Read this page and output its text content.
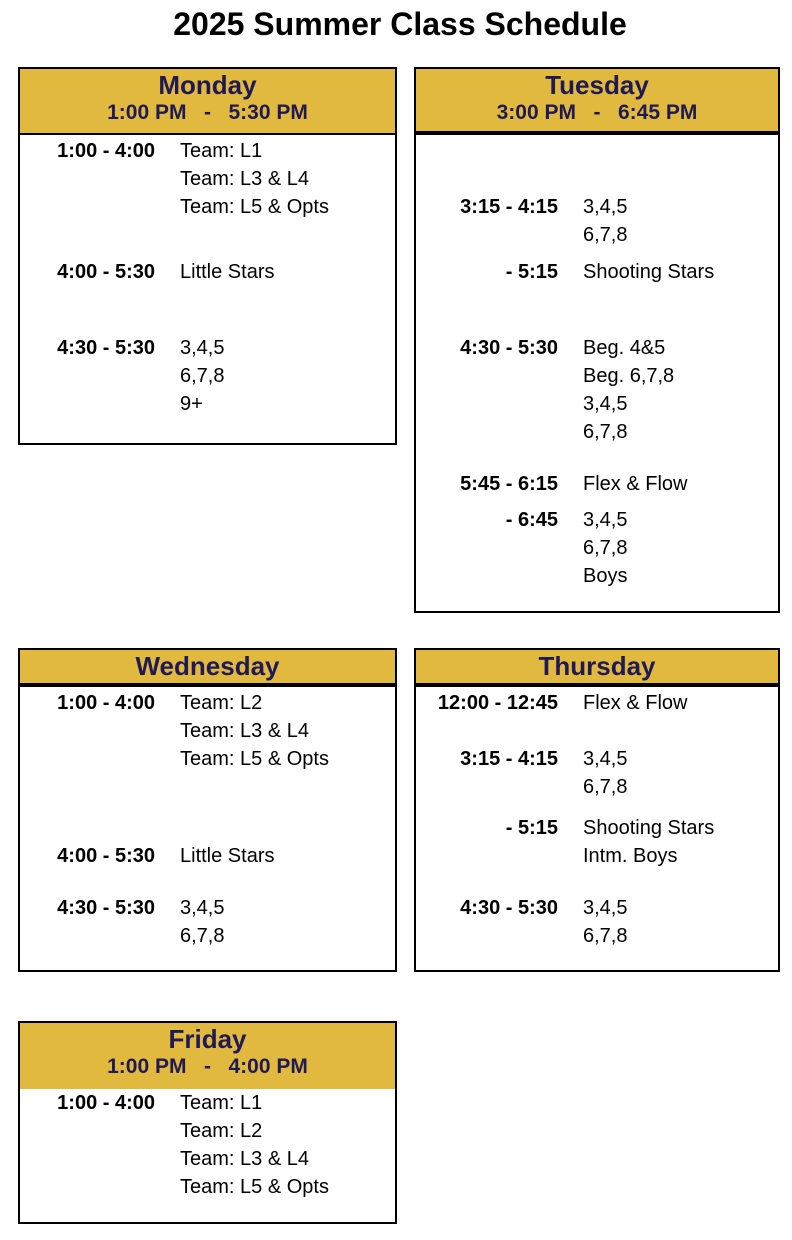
2025 Summer Class Schedule
Monday
1:00 PM   -   5:30 PM
1:00 - 4:00 Team: L1
Team: L3 & L4
Team: L5 & Opts
4:00 - 5:30 Little Stars
4:30 - 5:30 3,4,5
6,7,8
9+
Tuesday
3:00 PM   -   6:45 PM
3:15 - 4:15 3,4,5
6,7,8
- 5:15 Shooting Stars
4:30 - 5:30 Beg. 4&5
Beg. 6,7,8
3,4,5
6,7,8
5:45 - 6:15 Flex & Flow
- 6:45 3,4,5
6,7,8
Boys
Wednesday
1:00 - 4:00 Team: L2
Team: L3 & L4
Team: L5 & Opts
4:00 - 5:30 Little Stars
4:30 - 5:30 3,4,5
6,7,8
Thursday
12:00 - 12:45 Flex & Flow
3:15 - 4:15 3,4,5
6,7,8
- 5:15 Shooting Stars
Intm. Boys
4:30 - 5:30 3,4,5
6,7,8
Friday
1:00 PM   -   4:00 PM
1:00 - 4:00 Team: L1
Team: L2
Team: L3 & L4
Team: L5 & Opts
